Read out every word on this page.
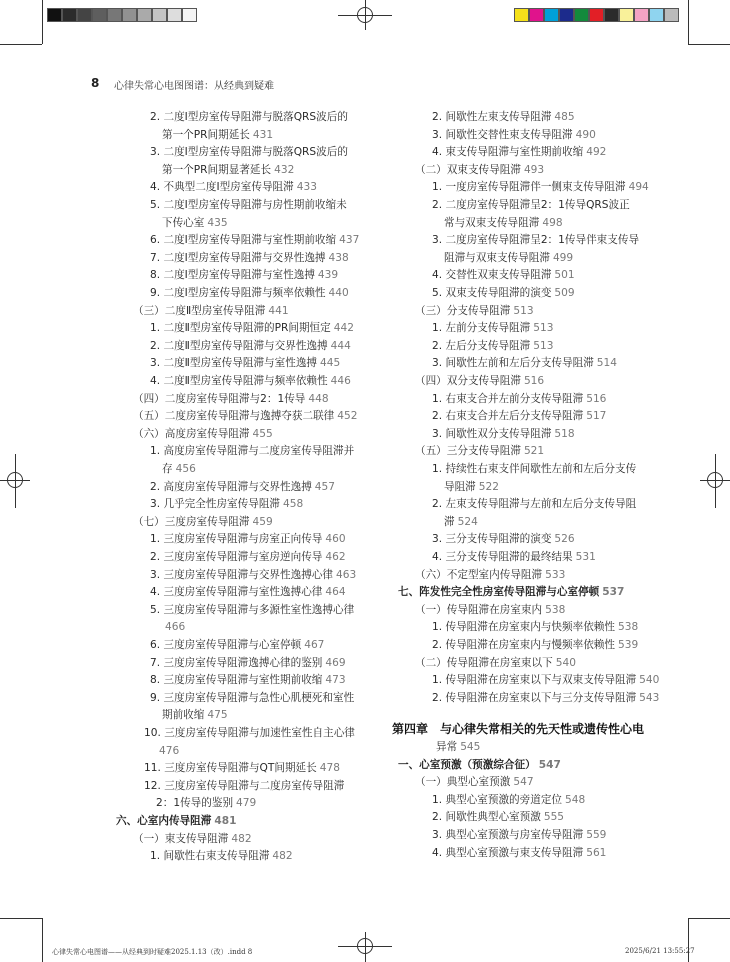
8 心律失常心电图图谱：从经典到疑难
2. 二度Ⅰ型房室传导阻滞与脱落QRS波后的
第一个PR间期延长 431
3. 二度Ⅰ型房室传导阻滞与脱落QRS波后的
第一个PR间期显著延长 432
4. 不典型二度Ⅰ型房室传导阻滞 433
5. 二度Ⅰ型房室传导阻滞与房性期前收缩未
下传心室 435
6. 二度Ⅰ型房室传导阻滞与室性期前收缩 437
7. 二度Ⅰ型房室传导阻滞与交界性逸搏 438
8. 二度Ⅰ型房室传导阻滞与室性逸搏 439
9. 二度Ⅰ型房室传导阻滞与频率依赖性 440
（三）二度Ⅱ型房室传导阻滞 441
1. 二度Ⅱ型房室传导阻滞的PR间期恒定 442
2. 二度Ⅱ型房室传导阻滞与交界性逸搏 444
3. 二度Ⅱ型房室传导阻滞与室性逸搏 445
4. 二度Ⅱ型房室传导阻滞与频率依赖性 446
（四）二度房室传导阻滞与2：1传导 448
（五）二度房室传导阻滞与逸搏夺获二联律 452
（六）高度房室传导阻滞 455
1. 高度房室传导阻滞与二度房室传导阻滞并
存 456
2. 高度房室传导阻滞与交界性逸搏 457
3. 几乎完全性房室传导阻滞 458
（七）三度房室传导阻滞 459
1. 三度房室传导阻滞与房室正向传导 460
2. 三度房室传导阻滞与室房逆向传导 462
3. 三度房室传导阻滞与交界性逸搏心律 463
4. 三度房室传导阻滞与室性逸搏心律 464
5. 三度房室传导阻滞与多源性室性逸搏心律
466
6. 三度房室传导阻滞与心室停顿 467
7. 三度房室传导阻滞逸搏心律的鉴别 469
8. 三度房室传导阻滞与室性期前收缩 473
9. 三度房室传导阻滞与急性心肌梗死和室性
期前收缩 475
10. 三度房室传导阻滞与加速性室性自主心律
476
11. 三度房室传导阻滞与QT间期延长 478
12. 三度房室传导阻滞与二度房室传导阻滞
2：1传导的鉴别 479
六、心室内传导阻滞 481
（一）束支传导阻滞 482
1. 间歇性右束支传导阻滞 482
2. 间歇性左束支传导阻滞 485
3. 间歇性交替性束支传导阻滞 490
4. 束支传导阻滞与室性期前收缩 492
（二）双束支传导阻滞 493
1. 一度房室传导阻滞伴一侧束支传导阻滞 494
2. 二度房室传导阻滞呈2：1传导QRS波正
常与双束支传导阻滞 498
3. 二度房室传导阻滞呈2：1传导伴束支传导
阻滞与双束支传导阻滞 499
4. 交替性双束支传导阻滞 501
5. 双束支传导阻滞的演变 509
（三）分支传导阻滞 513
1. 左前分支传导阻滞 513
2. 左后分支传导阻滞 513
3. 间歇性左前和左后分支传导阻滞 514
（四）双分支传导阻滞 516
1. 右束支合并左前分支传导阻滞 516
2. 右束支合并左后分支传导阻滞 517
3. 间歇性双分支传导阻滞 518
（五）三分支传导阻滞 521
1. 持续性右束支伴间歇性左前和左后分支传
导阻滞 522
2. 左束支传导阻滞与左前和左后分支传导阻
滞 524
3. 三分支传导阻滞的演变 526
4. 三分支传导阻滞的最终结果 531
（六）不定型室内传导阻滞 533
七、阵发性完全性房室传导阻滞与心室停顿 537
（一）传导阻滞在房室束内 538
1. 传导阻滞在房室束内与快频率依赖性 538
2. 传导阻滞在房室束内与慢频率依赖性 539
（二）传导阻滞在房室束以下 540
1. 传导阻滞在房室束以下与双束支传导阻滞 540
2. 传导阻滞在房室束以下与三分支传导阻滞 543
第四章　与心律失常相关的先天性或遗传性心电
异常 545
一、心室预激（预激综合征） 547
（一）典型心室预激 547
1. 典型心室预激的旁道定位 548
2. 间歇性典型心室预激 555
3. 典型心室预激与房室传导阻滞 559
4. 典型心室预激与束支传导阻滞 561
心律失常心电图谱——从经典到时疑难2025.1.13（改）.indd 8	2025/6/21 13:55:27
